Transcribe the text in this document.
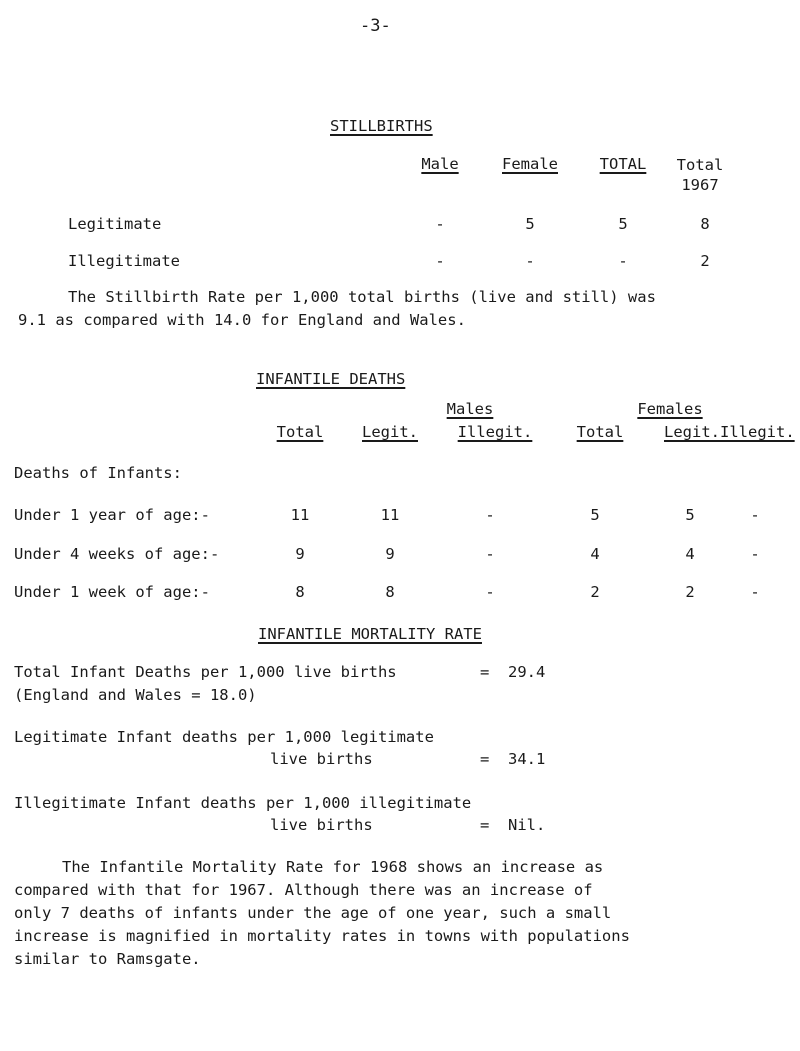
-3-
STILLBIRTHS
Male	Female	TOTAL	Total 1967
Legitimate	-	5	5	8
Illegitimate	-	-	-	2
The Stillbirth Rate per 1,000 total births (live and still) was
9.1 as compared with 14.0 for England and Wales.
INFANTILE DEATHS
Males	Females
Total	Legit.	Illegit.	Total	Legit. Illegit.
Deaths of Infants:
Under 1 year of age:-	11	11	-	5	5	-
Under 4 weeks of age:-	9	9	-	4	4	-
Under 1 week of age:-	8	8	-	2	2	-
INFANTILE MORTALITY RATE
Total Infant Deaths per 1,000 live births	= 29.4
(England and Wales = 18.0)
Legitimate Infant deaths per 1,000 legitimate
live births	= 34.1
Illegitimate Infant deaths per 1,000 illegitimate
live births	= Nil.
The Infantile Mortality Rate for 1968 shows an increase as
compared with that for 1967. Although there was an increase of
only 7 deaths of infants under the age of one year, such a small
increase is magnified in mortality rates in towns with populations
similar to Ramsgate.
